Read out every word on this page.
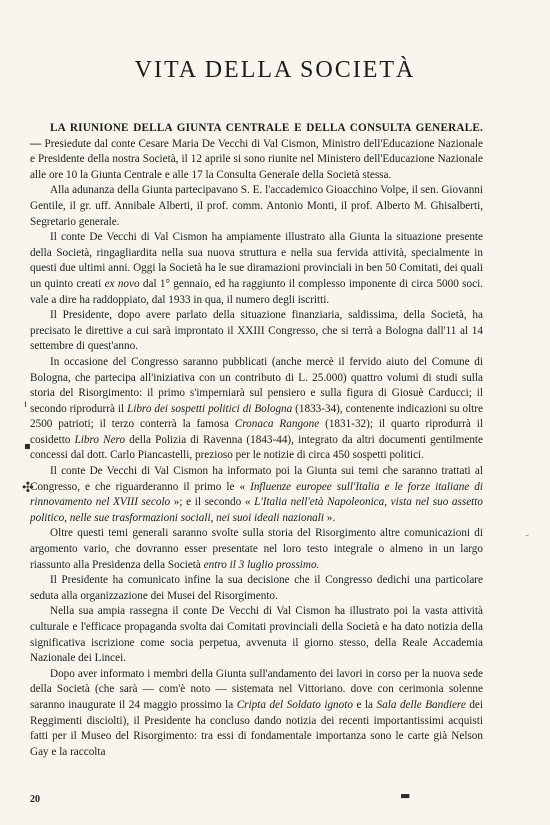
VITA DELLA SOCIETÀ

LA RIUNIONE DELLA GIUNTA CENTRALE E DELLA CONSULTA GENERALE. — Presiedute dal conte Cesare Maria De Vecchi di Val Cismon, Ministro dell'Educazione Nazionale e Presidente della nostra Società, il 12 aprile si sono riunite nel Ministero dell'Educazione Nazionale alle ore 10 la Giunta Centrale e alle 17 la Consulta Generale della Società stessa.

Alla adunanza della Giunta partecipavano S. E. l'accademico Gioacchino Volpe, il sen. Giovanni Gentile, il gr. uff. Annibale Alberti, il prof. comm. Antonio Monti, il prof. Alberto M. Ghisalberti, Segretario generale.

Il conte De Vecchi di Val Cismon ha ampiamente illustrato alla Giunta la situazione presente della Società, ringagliardita nella sua nuova struttura e nella sua fervida attività, specialmente in questi due ultimi anni. Oggi la Società ha le sue diramazioni provinciali in ben 50 Comitati, dei quali un quinto creati ex novo dal 1° gennaio, ed ha raggiunto il complesso imponente di circa 5000 soci. vale a dire ha raddoppiato, dal 1933 in qua, il numero degli iscritti.

Il Presidente, dopo avere parlato della situazione finanziaria, saldissima, della Società, ha precisato le direttive a cui sarà improntato il XXIII Congresso, che si terrà a Bologna dall'11 al 14 settembre di quest'anno.

In occasione del Congresso saranno pubblicati (anche mercè il fervido aiuto del Comune di Bologna, che partecipa all'iniziativa con un contributo di L. 25.000) quattro volumi di studi sulla storia del Risorgimento: il primo s'imperniarà sul pensiero e sulla figura di Giosuè Carducci; il secondo riprodurrà il Libro dei sospetti politici di Bologna (1833-34), contenente indicazioni su oltre 2500 patrioti; il terzo conterrà la famosa Cronaca Rangone (1831-32); il quarto riprodurrà il cosidetto Libro Nero della Polizia di Ravenna (1843-44), integrato da altri documenti gentilmente concessi dal dott. Carlo Piancastelli, prezioso per le notizie di circa 450 sospetti politici.

Il conte De Vecchi di Val Cismon ha informato poi la Giunta sui temi che saranno trattati al Congresso, e che riguarderanno il primo le « Influenze europee sull'Italia e le forze italiane di rinnovamento nel XVIII secolo »; e il secondo « L'Italia nell'età Napoleonica, vista nel suo assetto politico, nelle sue trasformazioni sociali, nei suoi ideali nazionali ».

Oltre questi temi generali saranno svolte sulla storia del Risorgimento altre comunicazioni di argomento vario, che dovranno esser presentate nel loro testo integrale o almeno in un largo riassunto alla Presidenza della Società entro il 3 luglio prossimo.

Il Presidente ha comunicato infine la sua decisione che il Congresso dedichi una particolare seduta alla organizzazione dei Musei del Risorgimento.

Nella sua ampia rassegna il conte De Vecchi di Val Cismon ha illustrato poi la vasta attività culturale e l'efficace propaganda svolta dai Comitati provinciali della Società e ha dato notizia della significativa iscrizione come socia perpetua, avvenuta il giorno stesso, della Reale Accademia Nazionale dei Lincei.

Dopo aver informato i membri della Giunta sull'andamento dei lavori in corso per la nuova sede della Società (che sarà — com'è noto — sistemata nel Vittoriano. dove con cerimonia solenne saranno inaugurate il 24 maggio prossimo la Cripta del Soldato ignoto e la Sala delle Bandiere dei Reggimenti disciolti), il Presidente ha concluso dando notizia dei recenti importantissimi acquisti fatti per il Museo del Risorgimento: tra essi di fondamentale importanza sono le carte già Nelson Gay e la raccolta

ı
▪
✣
˘
▬
20
